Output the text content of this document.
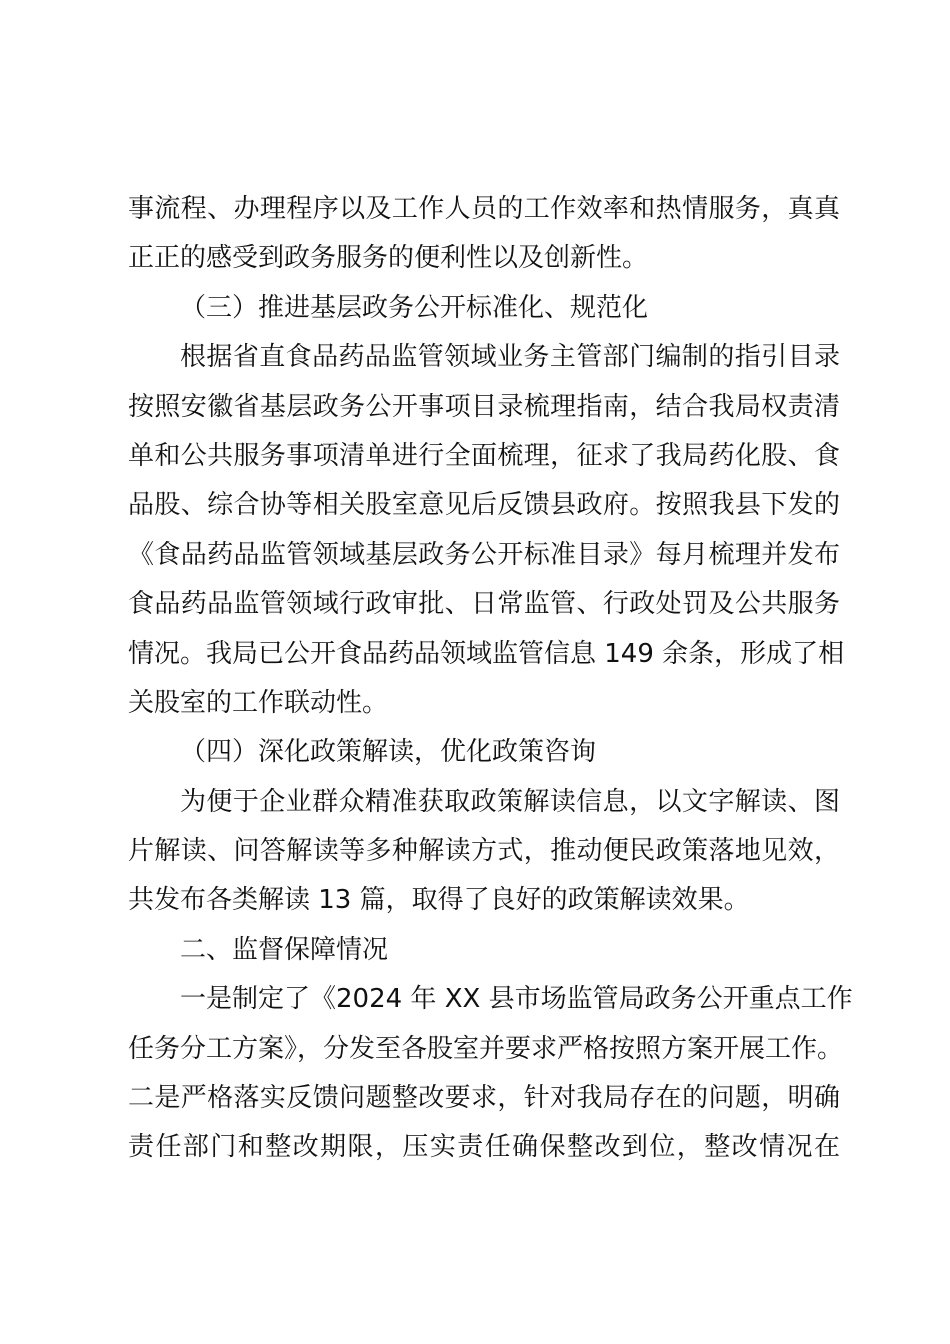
事流程、办理程序以及工作人员的工作效率和热情服务，真真
正正的感受到政务服务的便利性以及创新性。
（三）推进基层政务公开标准化、规范化
根据省直食品药品监管领域业务主管部门编制的指引目录
按照安徽省基层政务公开事项目录梳理指南，结合我局权责清
单和公共服务事项清单进行全面梳理，征求了我局药化股、食
品股、综合协等相关股室意见后反馈县政府。按照我县下发的
《食品药品监管领域基层政务公开标准目录》每月梳理并发布
食品药品监管领域行政审批、日常监管、行政处罚及公共服务
情况。我局已公开食品药品领域监管信息 149 余条，形成了相
关股室的工作联动性。
（四）深化政策解读，优化政策咨询
为便于企业群众精准获取政策解读信息，以文字解读、图
片解读、问答解读等多种解读方式，推动便民政策落地见效，
共发布各类解读 13 篇，取得了良好的政策解读效果。
二、监督保障情况
一是制定了《2024 年 XX 县市场监管局政务公开重点工作
任务分工方案》，分发至各股室并要求严格按照方案开展工作。
二是严格落实反馈问题整改要求，针对我局存在的问题，明确
责任部门和整改期限，压实责任确保整改到位，整改情况在
